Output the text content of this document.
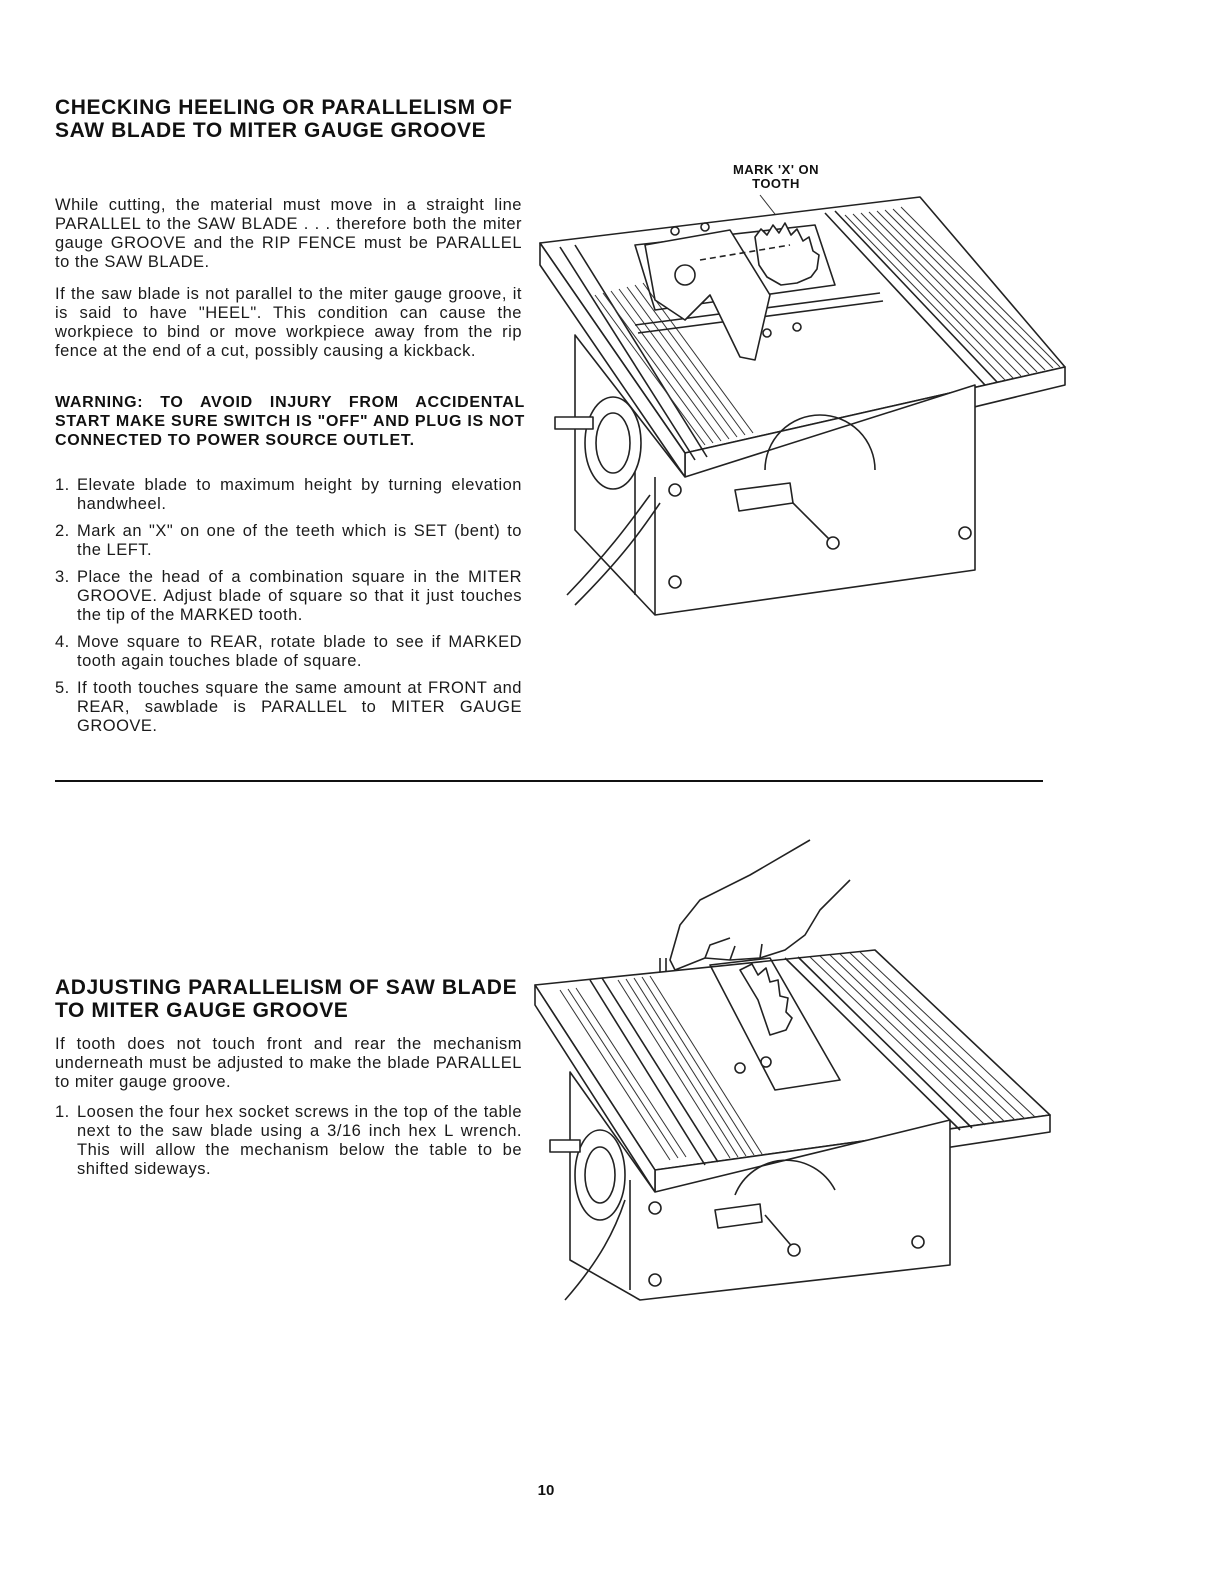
CHECKING HEELING OR PARALLELISM OF SAW BLADE TO MITER GAUGE GROOVE

While cutting, the material must move in a straight line PARALLEL to the SAW BLADE . . . therefore both the miter gauge GROOVE and the RIP FENCE must be PARALLEL to the SAW BLADE.

If the saw blade is not parallel to the miter gauge groove, it is said to have "HEEL". This condition can cause the workpiece to bind or move workpiece away from the rip fence at the end of a cut, possibly causing a kickback.

WARNING: TO AVOID INJURY FROM ACCIDENTAL START MAKE SURE SWITCH IS "OFF" AND PLUG IS NOT CONNECTED TO POWER SOURCE OUTLET.

1. Elevate blade to maximum height by turning elevation handwheel.
2. Mark an "X" on one of the teeth which is SET (bent) to the LEFT.
3. Place the head of a combination square in the MITER GROOVE. Adjust blade of square so that it just touches the tip of the MARKED tooth.
4. Move square to REAR, rotate blade to see if MARKED tooth again touches blade of square.
5. If tooth touches square the same amount at FRONT and REAR, sawblade is PARALLEL to MITER GAUGE GROOVE.
MARK 'X' ON
TOOTH
ADJUSTING PARALLELISM OF SAW BLADE TO MITER GAUGE GROOVE

If tooth does not touch front and rear the mechanism underneath must be adjusted to make the blade PARALLEL to miter gauge groove.

1. Loosen the four hex socket screws in the top of the table next to the saw blade using a 3/16 inch hex L wrench. This will allow the mechanism below the table to be shifted sideways.
10
